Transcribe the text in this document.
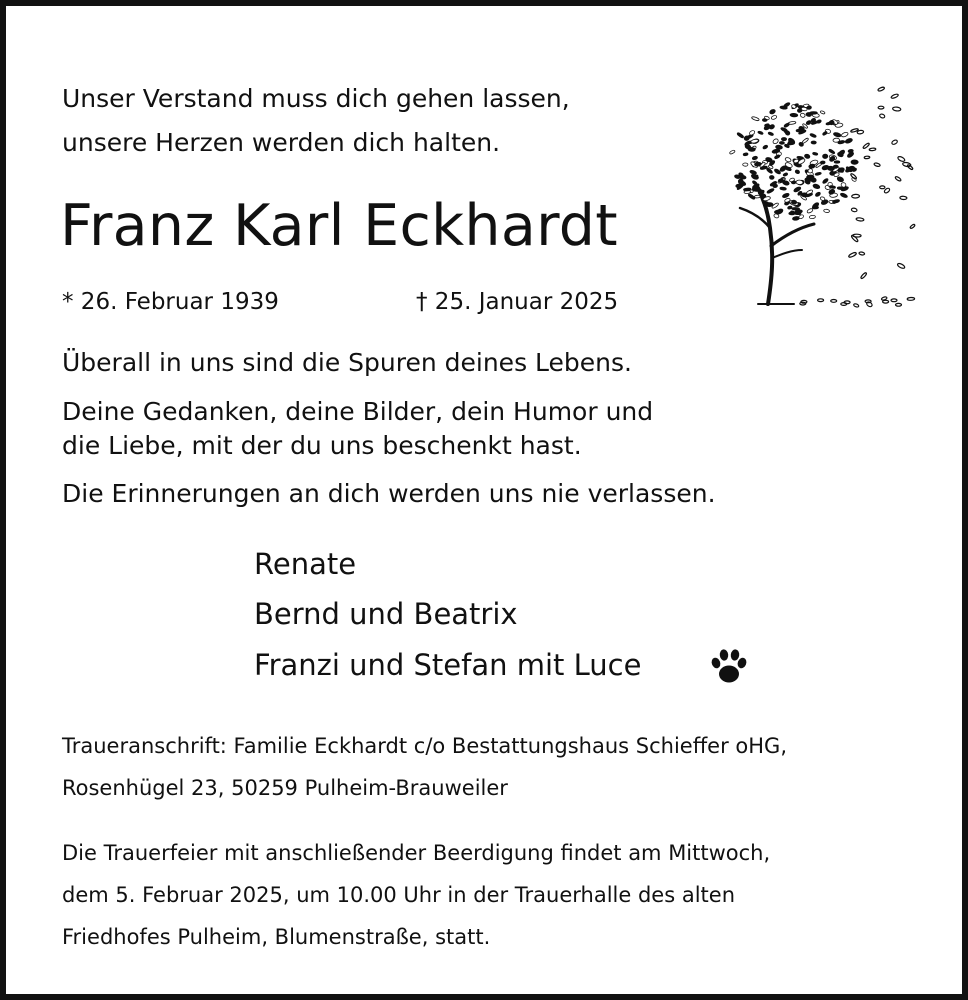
Unser Verstand muss dich gehen lassen,

unsere Herzen werden dich halten.

Franz Karl Eckhardt

* 26. Februar 1939	† 25. Januar 2025

Überall in uns sind die Spuren deines Lebens.

Deine Gedanken, deine Bilder, dein Humor und

die Liebe, mit der du uns beschenkt hast.

Die Erinnerungen an dich werden uns nie verlassen.

Renate

Bernd und Beatrix

Franzi und Stefan mit Luce

Traueranschrift: Familie Eckhardt c/o Bestattungshaus Schieffer oHG,

Rosenhügel 23, 50259 Pulheim-Brauweiler

Die Trauerfeier mit anschließender Beerdigung findet am Mittwoch,

dem 5. Februar 2025, um 10.00 Uhr in der Trauerhalle des alten

Friedhofes Pulheim, Blumenstraße, statt.
